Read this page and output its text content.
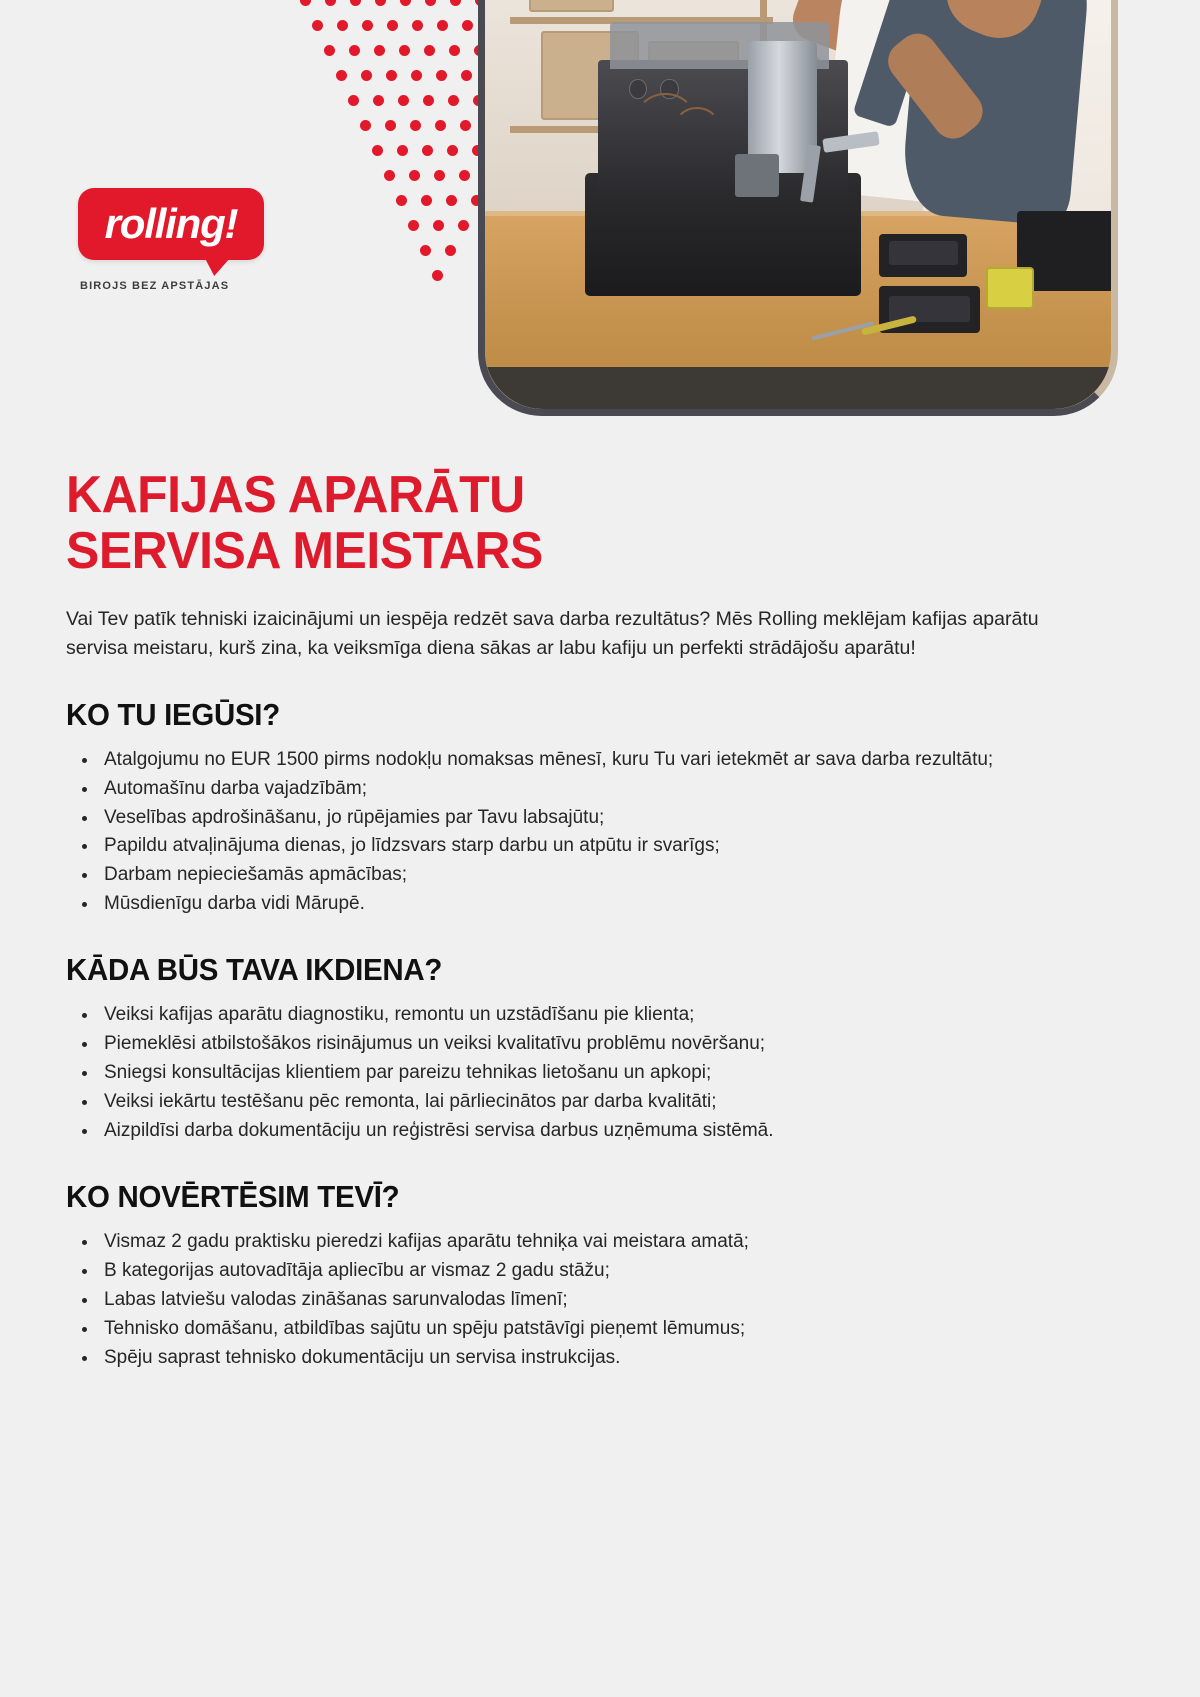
rolling!
BIROJS BEZ APSTĀJAS
KAFIJAS APARĀTU
SERVISA MEISTARS

Vai Tev patīk tehniski izaicinājumi un iespēja redzēt sava darba rezultātus? Mēs Rolling meklējam kafijas aparātu servisa meistaru, kurš zina, ka veiksmīga diena sākas ar labu kafiju un perfekti strādājošu aparātu!

KO TU IEGŪSI?
Atalgojumu no EUR 1500 pirms nodokļu nomaksas mēnesī, kuru Tu vari ietekmēt ar sava darba rezultātu;
Automašīnu darba vajadzībām;
Veselības apdrošināšanu, jo rūpējamies par Tavu labsajūtu;
Papildu atvaļinājuma dienas, jo līdzsvars starp darbu un atpūtu ir svarīgs;
Darbam nepieciešamās apmācības;
Mūsdienīgu darba vidi Mārupē.
KĀDA BŪS TAVA IKDIENA?
Veiksi kafijas aparātu diagnostiku, remontu un uzstādīšanu pie klienta;
Piemeklēsi atbilstošākos risinājumus un veiksi kvalitatīvu problēmu novēršanu;
Sniegsi konsultācijas klientiem par pareizu tehnikas lietošanu un apkopi;
Veiksi iekārtu testēšanu pēc remonta, lai pārliecinātos par darba kvalitāti;
Aizpildīsi darba dokumentāciju un reģistrēsi servisa darbus uzņēmuma sistēmā.
KO NOVĒRTĒSIM TEVĪ?
Vismaz 2 gadu praktisku pieredzi kafijas aparātu tehniķa vai meistara amatā;
B kategorijas autovadītāja apliecību ar vismaz 2 gadu stāžu;
Labas latviešu valodas zināšanas sarunvalodas līmenī;
Tehnisko domāšanu, atbildības sajūtu un spēju patstāvīgi pieņemt lēmumus;
Spēju saprast tehnisko dokumentāciju un servisa instrukcijas.
